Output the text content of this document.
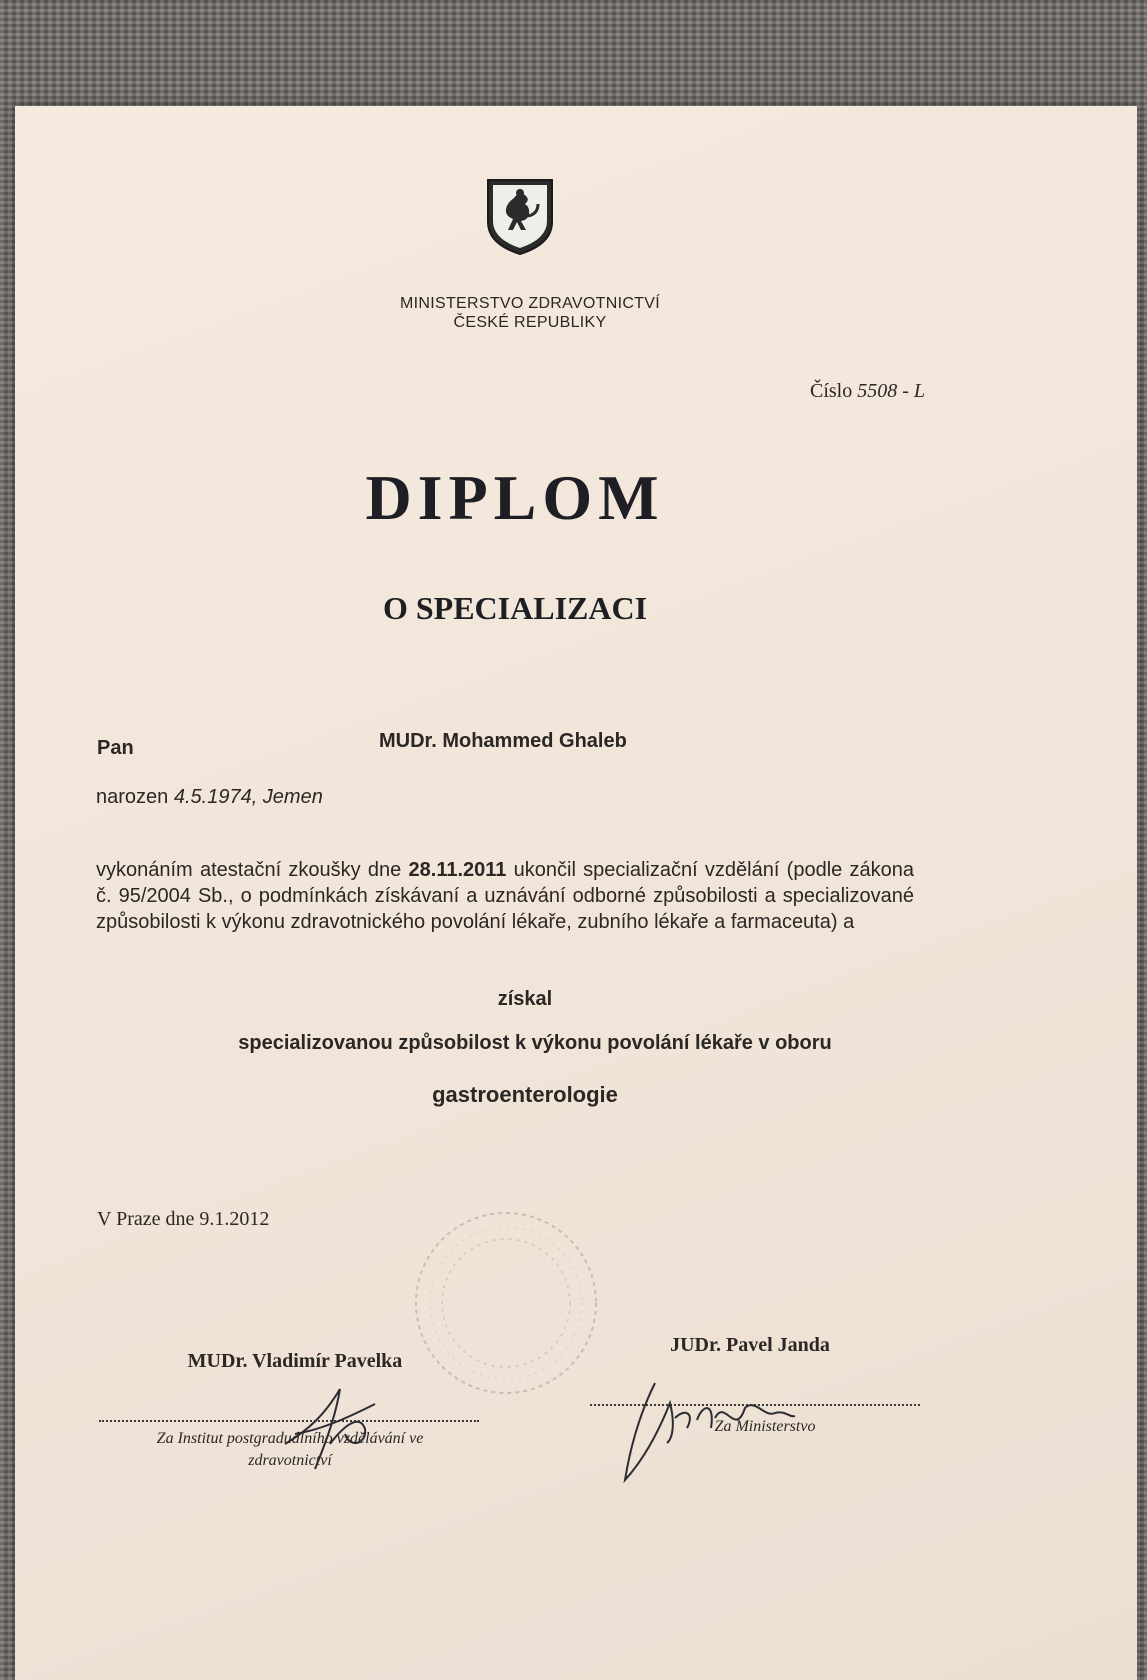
MINISTERSTVO ZDRAVOTNICTVÍ
ČESKÉ REPUBLIKY

Číslo 5508 - L

DIPLOM
O SPECIALIZACI

Pan	MUDr. Mohammed Ghaleb

narozen 4.5.1974, Jemen

vykonáním atestační zkoušky dne 28.11.2011 ukončil specializační vzdělání (podle zákona č. 95/2004 Sb., o podmínkách získávaní a uznávání odborné způsobilosti a specializované způsobilosti k výkonu zdravotnického povolání lékaře, zubního lékaře a farmaceuta) a

získal

specializovanou způsobilost k výkonu povolání lékaře v oboru

gastroenterologie

V Praze dne 9.1.2012

MUDr. Vladimír Pavelka

JUDr. Pavel Janda

Za Institut postgraduálního vzdělávání ve
zdravotnictví

Za Ministerstvo
